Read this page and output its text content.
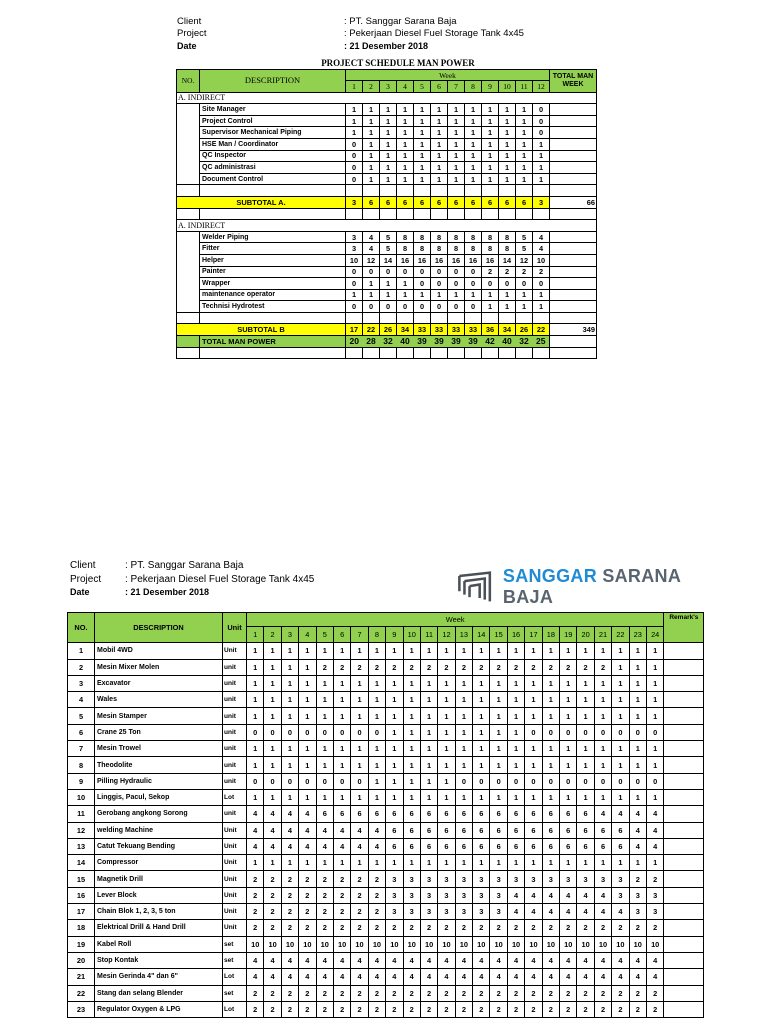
Client	: PT. Sanggar Sarana Baja
Project	: Pekerjaan Diesel Fuel Storage Tank 4x45
Date	: 21 Desember 2018
PROJECT SCHEDULE MAN POWER
NO.	DESCRIPTION	Week												TOTAL MAN WEEK
		1	2	3	4	5	6	7	8	9	10	11	12	
A. INDIRECT														
	Site Manager	1	1	1	1	1	1	1	1	1	1	1	0	
	Project Control	1	1	1	1	1	1	1	1	1	1	1	0	
	Supervisor Mechanical Piping	1	1	1	1	1	1	1	1	1	1	1	0	
	HSE Man / Coordinator	0	1	1	1	1	1	1	1	1	1	1	1	
	QC Inspector	0	1	1	1	1	1	1	1	1	1	1	1	
	QC administrasi	0	1	1	1	1	1	1	1	1	1	1	1	
	Document Control	0	1	1	1	1	1	1	1	1	1	1	1	

SUBTOTAL A.		3	6	6	6	6	6	6	6	6	6	6	3	66

A. INDIRECT														
	Welder Piping	3	4	5	8	8	8	8	8	8	8	5	4	
	Fitter	3	4	5	8	8	8	8	8	8	8	5	4	
	Helper	10	12	14	16	16	16	16	16	16	14	12	10	
	Painter	0	0	0	0	0	0	0	0	2	2	2	2	
	Wrapper	0	1	1	1	0	0	0	0	0	0	0	0	
	maintenance operator	1	1	1	1	1	1	1	1	1	1	1	1	
	Technisi Hydrotest	0	0	0	0	0	0	0	0	1	1	1	1	

SUBTOTAL B		17	22	26	34	33	33	33	33	36	34	26	22	349
	TOTAL MAN POWER	20	28	32	40	39	39	39	39	42	40	32	25	

Client	: PT. Sanggar Sarana Baja
Project	: Pekerjaan Diesel Fuel Storage Tank 4x45
Date	: 21 Desember 2018
SANGGAR SARANA BAJA
NO.	DESCRIPTION	Unit	Week																								Remark's
			1	2	3	4	5	6	7	8	9	10	11	12	13	14	15	16	17	18	19	20	21	22	23	24	
1	Mobil 4WD	Unit	1	1	1	1	1	1	1	1	1	1	1	1	1	1	1	1	1	1	1	1	1	1	1	1	
2	Mesin Mixer Molen	unit	1	1	1	1	2	2	2	2	2	2	2	2	2	2	2	2	2	2	2	2	2	1	1	1	
3	Excavator	unit	1	1	1	1	1	1	1	1	1	1	1	1	1	1	1	1	1	1	1	1	1	1	1	1	
4	Wales	unit	1	1	1	1	1	1	1	1	1	1	1	1	1	1	1	1	1	1	1	1	1	1	1	1	
5	Mesin Stamper	unit	1	1	1	1	1	1	1	1	1	1	1	1	1	1	1	1	1	1	1	1	1	1	1	1	
6	Crane 25 Ton	unit	0	0	0	0	0	0	0	0	1	1	1	1	1	1	1	1	0	0	0	0	0	0	0	0	
7	Mesin Trowel	unit	1	1	1	1	1	1	1	1	1	1	1	1	1	1	1	1	1	1	1	1	1	1	1	1	
8	Theodolite	unit	1	1	1	1	1	1	1	1	1	1	1	1	1	1	1	1	1	1	1	1	1	1	1	1	
9	Pilling Hydraulic	unit	0	0	0	0	0	0	0	1	1	1	1	1	0	0	0	0	0	0	0	0	0	0	0	0	
10	Linggis, Pacul, Sekop	Lot	1	1	1	1	1	1	1	1	1	1	1	1	1	1	1	1	1	1	1	1	1	1	1	1	
11	Gerobang angkong Sorong	unit	4	4	4	4	6	6	6	6	6	6	6	6	6	6	6	6	6	6	6	6	4	4	4	4	
12	welding Machine	Unit	4	4	4	4	4	4	4	4	6	6	6	6	6	6	6	6	6	6	6	6	6	6	4	4	
13	Catut Tekuang Bending	Unit	4	4	4	4	4	4	4	4	6	6	6	6	6	6	6	6	6	6	6	6	6	6	4	4	
14	Compressor	Unit	1	1	1	1	1	1	1	1	1	1	1	1	1	1	1	1	1	1	1	1	1	1	1	1	
15	Magnetik Drill	Unit	2	2	2	2	2	2	2	2	3	3	3	3	3	3	3	3	3	3	3	3	3	3	2	2	
16	Lever Block	Unit	2	2	2	2	2	2	2	2	3	3	3	3	3	3	3	4	4	4	4	4	4	3	3	3	
17	Chain Blok 1, 2, 3, 5 ton	Unit	2	2	2	2	2	2	2	2	3	3	3	3	3	3	3	4	4	4	4	4	4	4	3	3	
18	Elektrical Drill & Hand Drill	Unit	2	2	2	2	2	2	2	2	2	2	2	2	2	2	2	2	2	2	2	2	2	2	2	2	
19	Kabel Roll	set	10	10	10	10	10	10	10	10	10	10	10	10	10	10	10	10	10	10	10	10	10	10	10	10	
20	Stop Kontak	set	4	4	4	4	4	4	4	4	4	4	4	4	4	4	4	4	4	4	4	4	4	4	4	4	
21	Mesin Gerinda 4" dan 6"	Lot	4	4	4	4	4	4	4	4	4	4	4	4	4	4	4	4	4	4	4	4	4	4	4	4	
22	Stang dan selang Blender	set	2	2	2	2	2	2	2	2	2	2	2	2	2	2	2	2	2	2	2	2	2	2	2	2	
23	Regulator Oxygen & LPG	Lot	2	2	2	2	2	2	2	2	2	2	2	2	2	2	2	2	2	2	2	2	2	2	2	2	
